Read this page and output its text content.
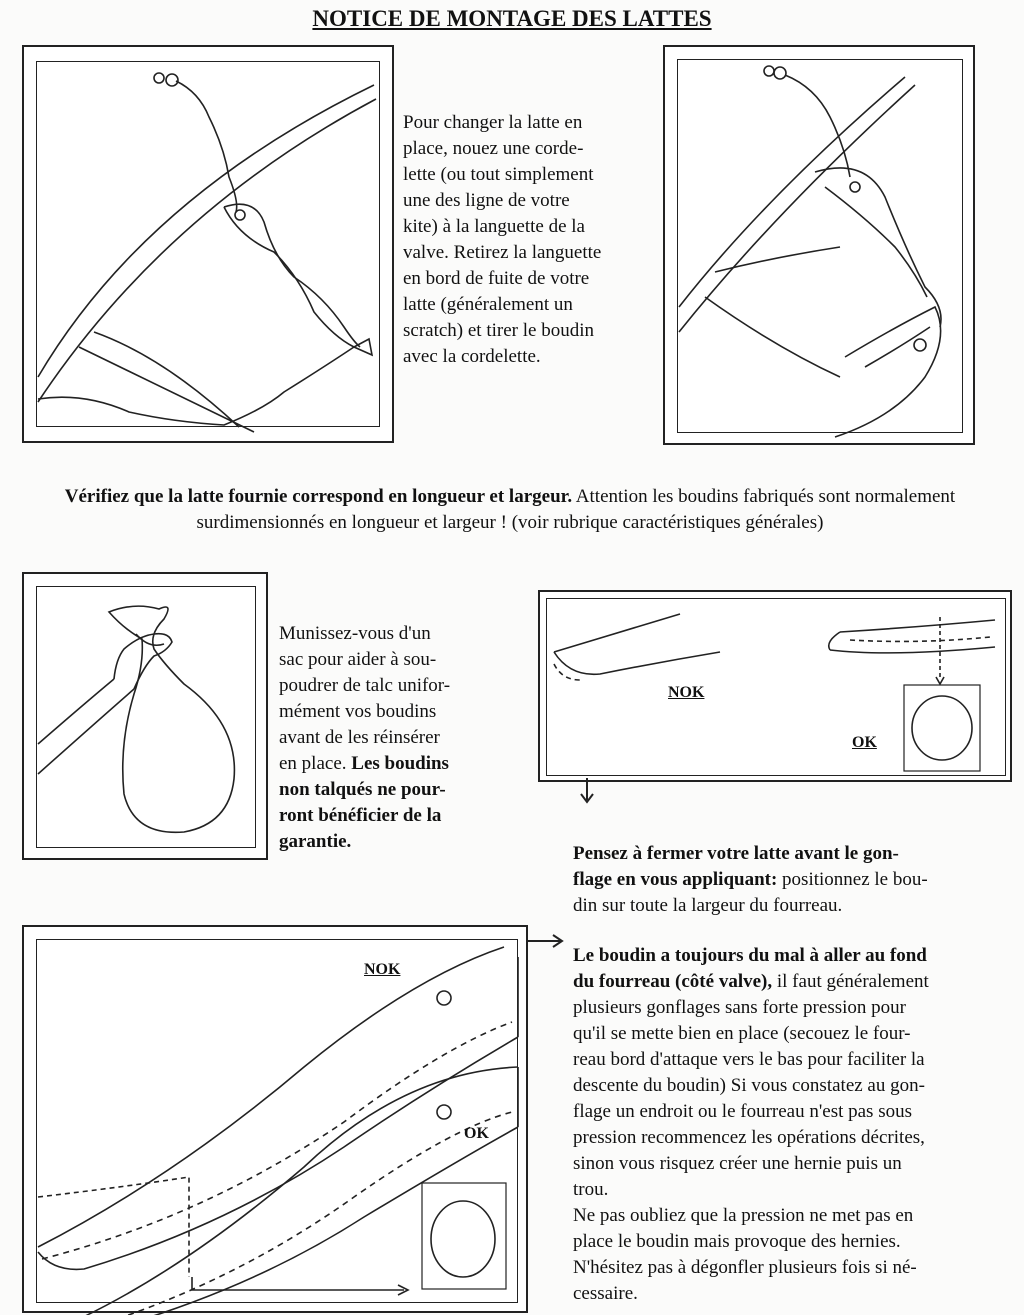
NOTICE DE MONTAGE DES LATTES
Pour changer la latte en
place, nouez une corde-
lette (ou tout simplement
une des ligne de votre
kite) à la languette de la
valve. Retirez la languette
en bord de fuite de votre
latte (généralement un
scratch) et tirer le boudin
avec la cordelette.
Vérifiez que la latte fournie correspond en longueur et largeur. Attention les boudins fabriqués sont normalement surdimensionnés en longueur et largeur ! (voir rubrique caractéristiques générales)

Munissez-vous d'un
sac pour aider à sou-
poudrer de talc unifor-
mément vos boudins
avant de les réinsérer
en place. Les boudins
non talqués ne pour-
ront bénéficier de la
garantie.

NOK
OK

Pensez à fermer votre latte avant le gon-
flage en vous appliquant: positionnez le bou-
din sur toute la largeur du fourreau.

NOK
OK

Le boudin a toujours du mal à aller au fond
du fourreau (côté valve), il faut généralement
plusieurs gonflages sans forte pression pour
qu'il se mette bien en place (secouez le four-
reau bord d'attaque vers le bas pour faciliter la
descente du boudin) Si vous constatez au gon-
flage un endroit ou le fourreau n'est pas sous
pression recommencez les opérations décrites,
sinon vous risquez créer une hernie puis un
trou.
Ne pas oubliez que la pression ne met pas en
place le boudin mais provoque des hernies.
N'hésitez pas à dégonfler plusieurs fois si né-
cessaire.
